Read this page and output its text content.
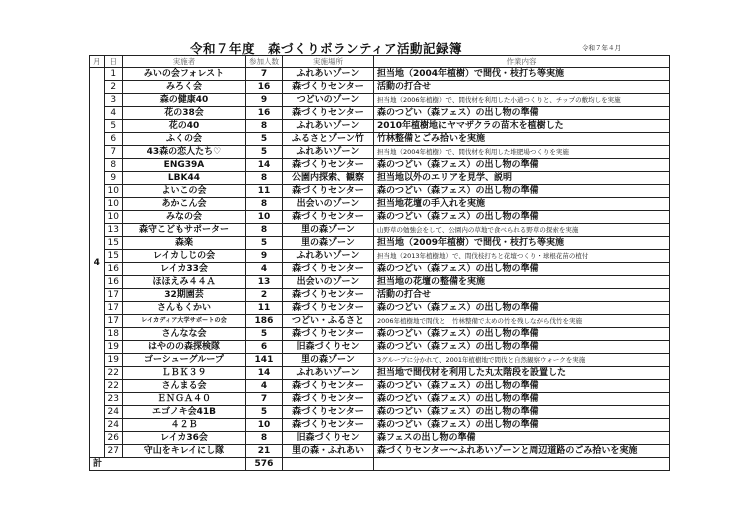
令和７年度　森づくりボランティア活動記録簿	令和７年４月
月	日	実施者	参加人数	実施場所	作業内容
4	1	みいの会フォレスト	7	ふれあいゾーン	担当地（2004年植樹）で間伐・枝打ち等実施
	2	みろく会	16	森づくりセンター	活動の打合せ
	3	森の健康40	9	つどいのゾーン	担当地（2006年植樹）で、間伐材を利用した小道つくりと、チップの敷均しを実施
	4	花の38会	16	森づくりセンター	森のつどい（森フェス）の出し物の準備
	5	花の40	8	ふれあいゾーン	2010年植樹地にヤマザクラの苗木を植樹した
	6	ふくの会	5	ふるさとゾーン竹	竹林整備とごみ拾いを実施
	7	43森の恋人たち♡	5	ふれあいゾーン	担当地（2004年植樹）で、間伐材を利用した堆肥場つくりを実施
	8	ENG39A	14	森づくりセンター	森のつどい（森フェス）の出し物の準備
	9	LBK44	8	公園内探索、観察	担当地以外のエリアを見学、説明
	10	よいこの会	11	森づくりセンター	森のつどい（森フェス）の出し物の準備
	10	あかこん会	8	出会いのゾーン	担当地花壇の手入れを実施
	10	みなの会	10	森づくりセンター	森のつどい（森フェス）の出し物の準備
	13	森守こどもサポーター	8	里の森ゾーン	山野草の勉強会をして、公園内の草地で食べられる野草の探索を実施
	15	森楽	5	里の森ゾーン	担当地（2009年植樹）で間伐・枝打ち等実施
	15	レイカしじの会	9	ふれあいゾーン	担当地（2013年植樹地）で、間伐枝打ちと花壇つくり・球根花苗の植付
	16	レイカ33会	4	森づくりセンター	森のつどい（森フェス）の出し物の準備
	16	ほほえみ４４Ａ	13	出会いのゾーン	担当地の花壇の整備を実施
	17	32期園芸	2	森づくりセンター	活動の打合せ
	17	さんもくかい	11	森づくりセンター	森のつどい（森フェス）の出し物の準備
	17	レイカディア大学サポートの会	186	つどい・ふるさと	2006年植樹地で間伐と　竹林整備で太めの竹を残しながら伐竹を実施
	18	さんなな会	5	森づくりセンター	森のつどい（森フェス）の出し物の準備
	19	はやのの森探検隊	6	旧森づくりセン	森のつどい（森フェス）の出し物の準備
	19	ゴーシューグループ	141	里の森ゾーン	3グループに分かれて、2001年植樹地で間伐と自然観察ウォークを実施
	22	ＬＢＫ３９	14	ふれあいゾーン	担当地で間伐材を利用した丸太階段を設置した
	22	さんまる会	4	森づくりセンター	森のつどい（森フェス）の出し物の準備
	23	ＥＮＧＡ４０	7	森づくりセンター	森のつどい（森フェス）の出し物の準備
	24	エゴノキ会41B	5	森づくりセンター	森のつどい（森フェス）の出し物の準備
	24	４２Ｂ	10	森づくりセンター	森のつどい（森フェス）の出し物の準備
	26	レイカ36会	8	旧森づくりセン	森フェスの出し物の準備
	27	守山をキレイにし隊	21	里の森・ふれあい	森づくりセンター～ふれあいゾーンと周辺道路のごみ拾いを実施
計			576		
